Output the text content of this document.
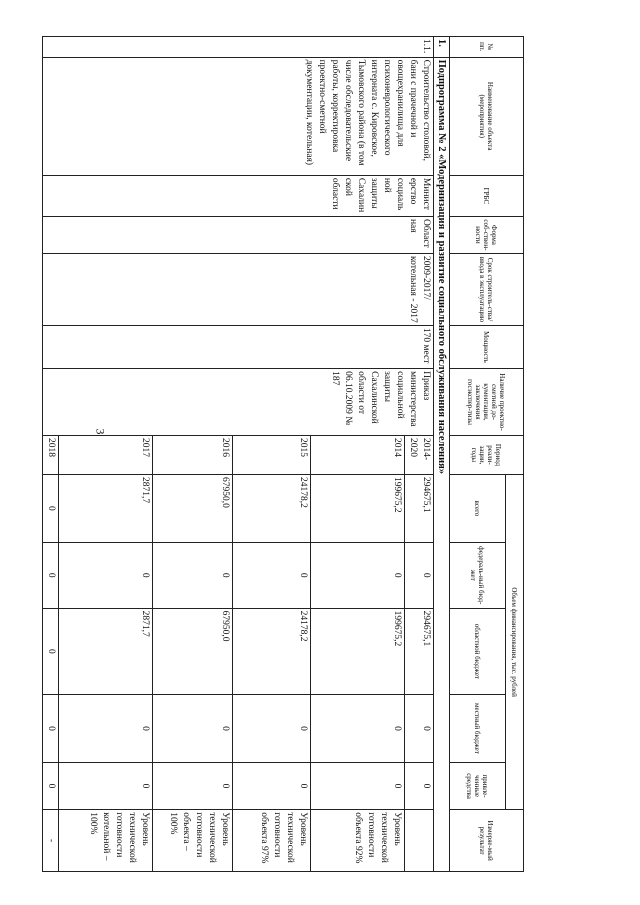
3
№ пп.	Наименование объекта (мероприятия)	ГРБС	Форма соб-ствен-ности	Срок строитель-ства/ ввода в эксплуатацию	Мощность	Наличие проектно-сметной до-кументации, заключения госэкспер-тизы	Период реали-зации, годы	Объем финансирования, тыс. рублей					Измеряе-мый результат
								всего	федераль-ный бюд-жет	областной бюджет	местный бюджет	привле-ченные средства	
1.	Подпрограмма № 2 «Модернизация и развитие социального обслуживания населения»												
1.1.	Строительство столовой, бани с прачечной и овощехранилища для психоневрологического интерната с. Кировское, Тымовского района (в том числе обследовательские работы, корректировка проектно-сметной документации, котельная)	Министерство социальной защиты Сахалинской области	Областная	2009-2017/ котельная - 2017	170 мест	Приказ министерства социальной защиты Сахалинской области от 06.10.2009 № 187	2014-2020	294675,1	0	294675,1	0	0	
							2014	199675,2	0	199675,2	0	0	Уровень технической готовности объекта 92%
							2015	24178,2	0	24178,2	0	0	Уровень технической готовности объекта 97%
							2016	67950,0	0	67950,0	0	0	Уровень технической готовности объекта – 100%
							2017	2871,7	0	2871,7	0	0	Уровень технической готовности котельной – 100%
							2018	0	0	0	0	0	-
